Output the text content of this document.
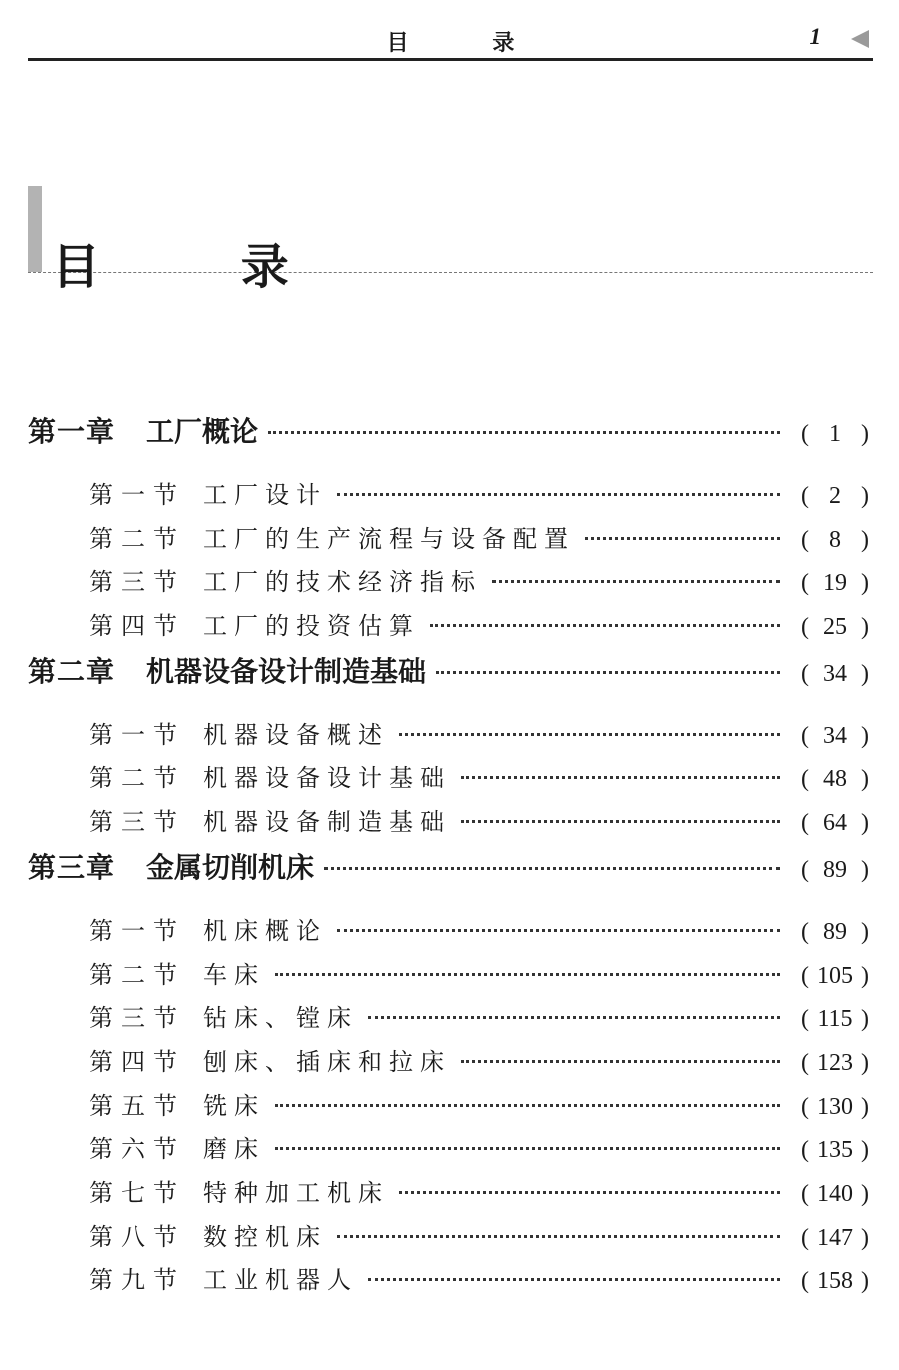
目 录	1
目 录
第一章	工厂概论	( 1 )
第一节 工厂设计	( 2 )
第二节 工厂的生产流程与设备配置	( 8 )
第三节 工厂的技术经济指标	( 19 )
第四节 工厂的投资估算	( 25 )
第二章	机器设备设计制造基础	( 34 )
第一节 机器设备概述	( 34 )
第二节 机器设备设计基础	( 48 )
第三节 机器设备制造基础	( 64 )
第三章	金属切削机床	( 89 )
第一节 机床概论	( 89 )
第二节 车床	( 105 )
第三节 钻床、镗床	( 115 )
第四节 刨床、插床和拉床	( 123 )
第五节 铣床	( 130 )
第六节 磨床	( 135 )
第七节 特种加工机床	( 140 )
第八节 数控机床	( 147 )
第九节 工业机器人	( 158 )
